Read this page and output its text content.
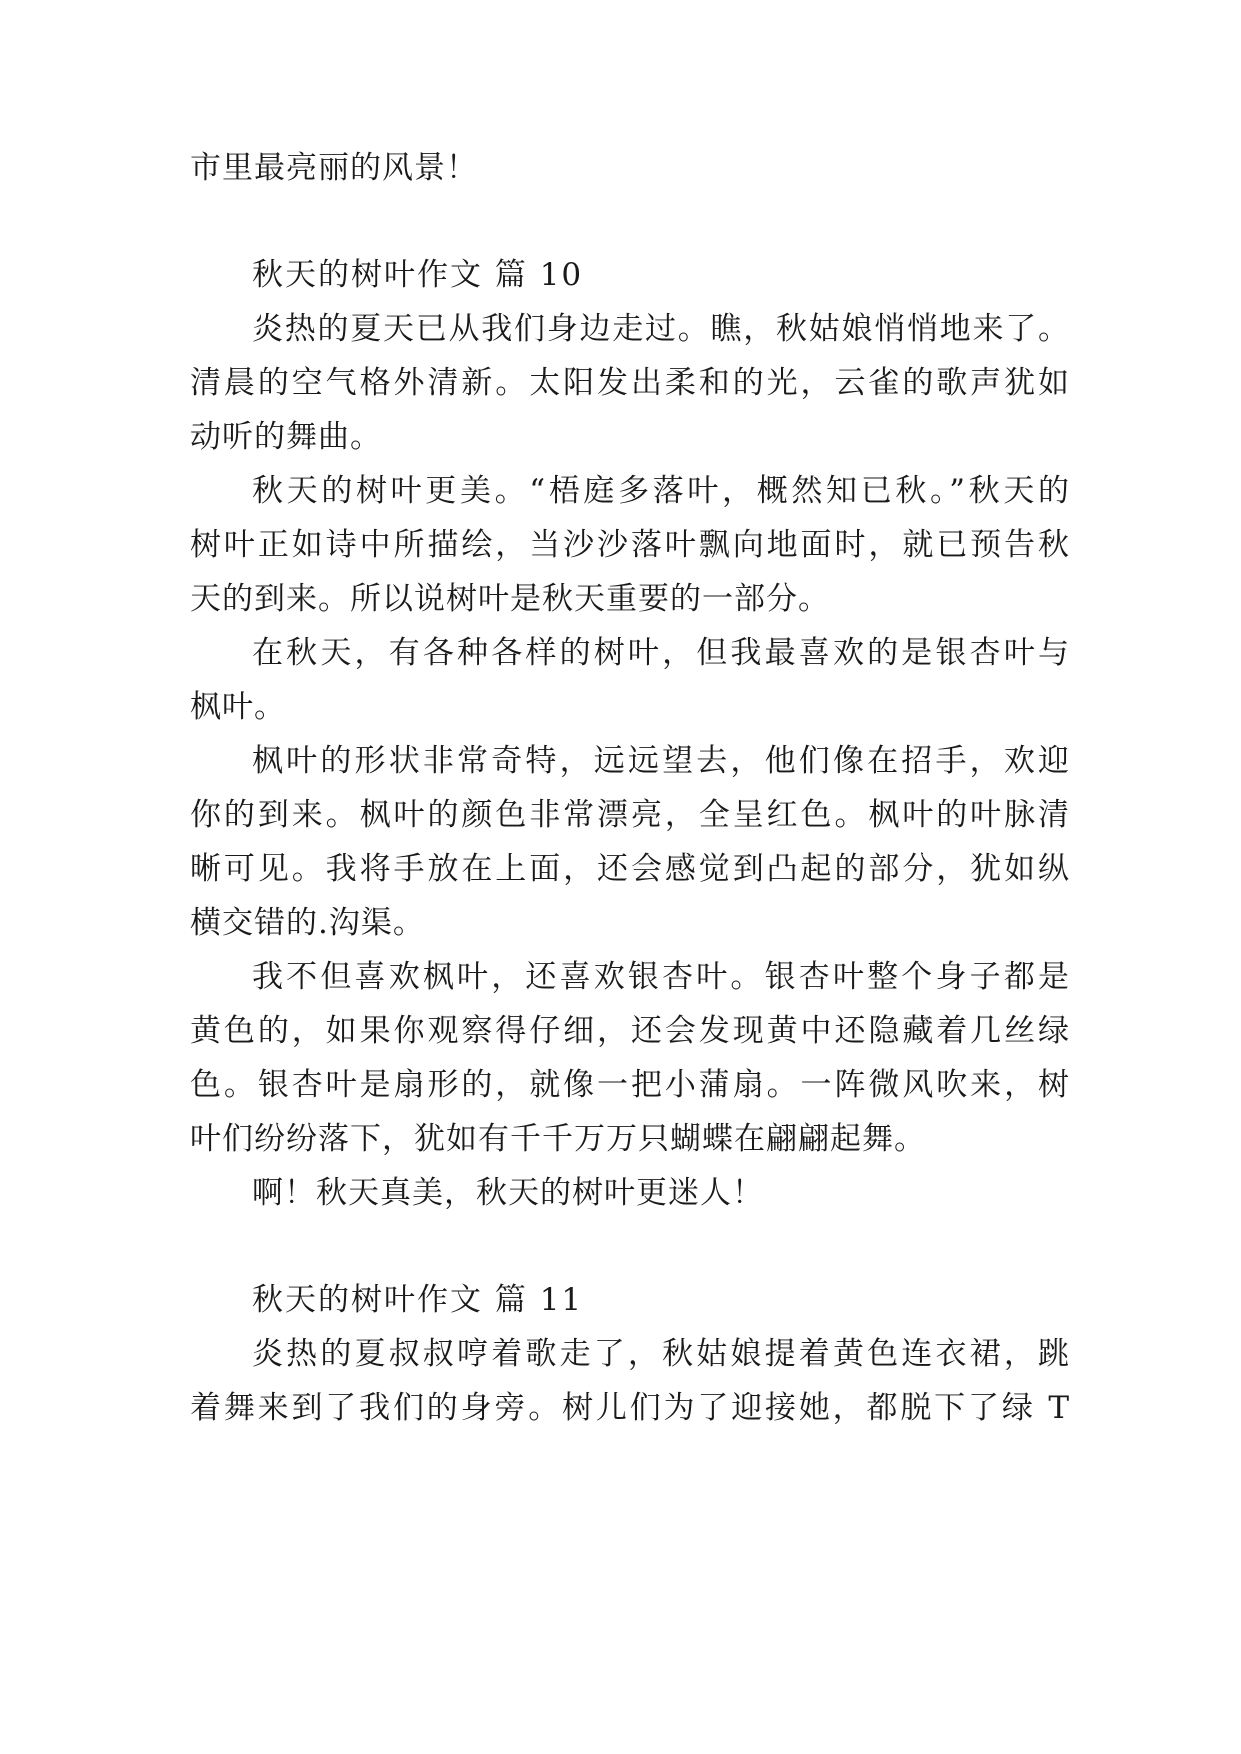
市里最亮丽的风景！
秋天的树叶作文 篇 10
炎热的夏天已从我们身边走过。瞧，秋姑娘悄悄地来了。
清晨的空气格外清新。太阳发出柔和的光，云雀的歌声犹如
动听的舞曲。
秋天的树叶更美。“梧庭多落叶，概然知已秋。”秋天的
树叶正如诗中所描绘，当沙沙落叶飘向地面时，就已预告秋
天的到来。所以说树叶是秋天重要的一部分。
在秋天，有各种各样的树叶，但我最喜欢的是银杏叶与
枫叶。
枫叶的形状非常奇特，远远望去，他们像在招手，欢迎
你的到来。枫叶的颜色非常漂亮，全呈红色。枫叶的叶脉清
晰可见。我将手放在上面，还会感觉到凸起的部分，犹如纵
横交错的.沟渠。
我不但喜欢枫叶，还喜欢银杏叶。银杏叶整个身子都是
黄色的，如果你观察得仔细，还会发现黄中还隐藏着几丝绿
色。银杏叶是扇形的，就像一把小蒲扇。一阵微风吹来，树
叶们纷纷落下，犹如有千千万万只蝴蝶在翩翩起舞。
啊！秋天真美，秋天的树叶更迷人！
秋天的树叶作文 篇 11
炎热的夏叔叔哼着歌走了，秋姑娘提着黄色连衣裙，跳
着舞来到了我们的身旁。树儿们为了迎接她，都脱下了绿 T
